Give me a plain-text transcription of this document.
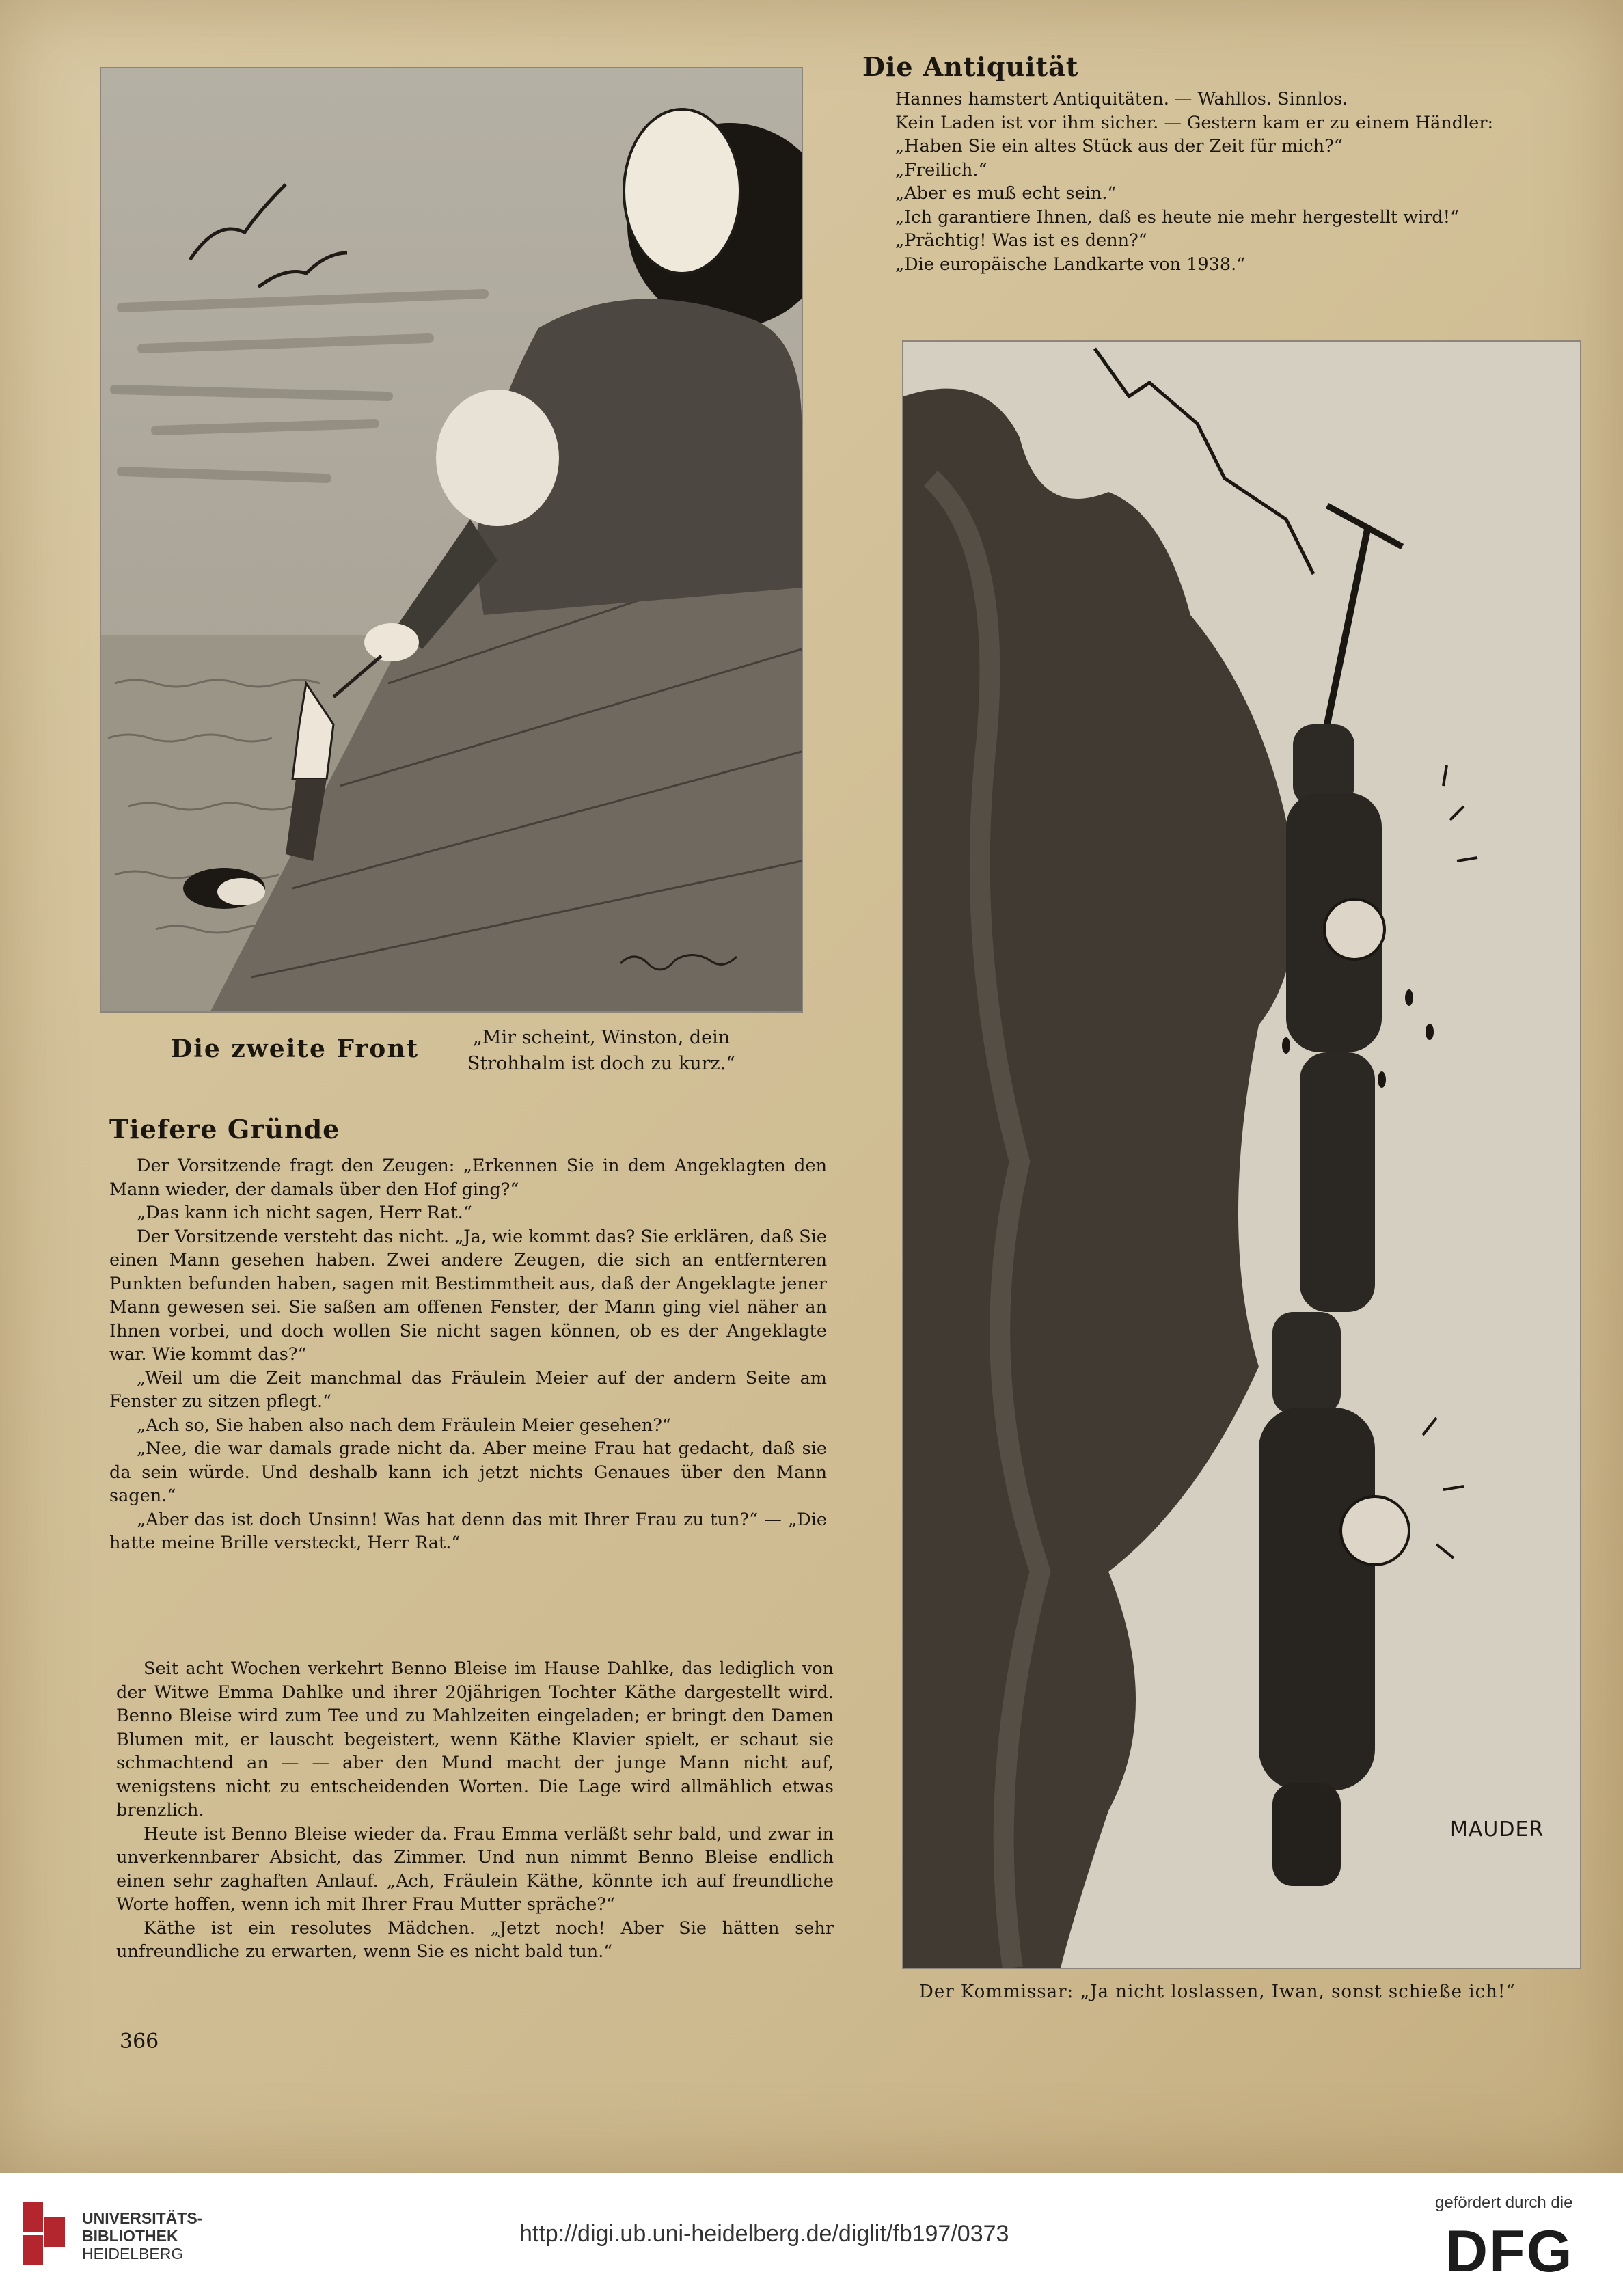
Die zweite Front	„Mir scheint, Winston, dein Strohhalm ist doch zu kurz.“
Tiefere Gründe

Der Vorsitzende fragt den Zeugen: „Erkennen Sie in dem Angeklagten den Mann wieder, der damals über den Hof ging?“

„Das kann ich nicht sagen, Herr Rat.“

Der Vorsitzende versteht das nicht. „Ja, wie kommt das? Sie erklären, daß Sie einen Mann gesehen haben. Zwei andere Zeugen, die sich an entfernteren Punkten befunden haben, sagen mit Bestimmtheit aus, daß der Angeklagte jener Mann gewesen sei. Sie saßen am offenen Fenster, der Mann ging viel näher an Ihnen vorbei, und doch wollen Sie nicht sagen können, ob es der Angeklagte war. Wie kommt das?“

„Weil um die Zeit manchmal das Fräulein Meier auf der andern Seite am Fenster zu sitzen pflegt.“

„Ach so, Sie haben also nach dem Fräulein Meier gesehen?“

„Nee, die war damals grade nicht da. Aber meine Frau hat gedacht, daß sie da sein würde. Und deshalb kann ich jetzt nichts Genaues über den Mann sagen.“

„Aber das ist doch Unsinn! Was hat denn das mit Ihrer Frau zu tun?“ — „Die hatte meine Brille versteckt, Herr Rat.“

Seit acht Wochen verkehrt Benno Bleise im Hause Dahlke, das lediglich von der Witwe Emma Dahlke und ihrer 20jährigen Tochter Käthe dargestellt wird. Benno Bleise wird zum Tee und zu Mahlzeiten eingeladen; er bringt den Damen Blumen mit, er lauscht begeistert, wenn Käthe Klavier spielt, er schaut sie schmachtend an — — aber den Mund macht der junge Mann nicht auf, wenigstens nicht zu entscheidenden Worten. Die Lage wird allmählich etwas brenzlich.

Heute ist Benno Bleise wieder da. Frau Emma verläßt sehr bald, und zwar in unverkennbarer Absicht, das Zimmer. Und nun nimmt Benno Bleise endlich einen sehr zaghaften Anlauf. „Ach, Fräulein Käthe, könnte ich auf freundliche Worte hoffen, wenn ich mit Ihrer Frau Mutter spräche?“

Käthe ist ein resolutes Mädchen. „Jetzt noch! Aber Sie hätten sehr unfreundliche zu erwarten, wenn Sie es nicht bald tun.“

366
Die Antiquität

Hannes hamstert Antiquitäten. — Wahllos. Sinnlos.

Kein Laden ist vor ihm sicher. — Gestern kam er zu einem Händler:

„Haben Sie ein altes Stück aus der Zeit für mich?“

„Freilich.“

„Aber es muß echt sein.“

„Ich garantiere Ihnen, daß es heute nie mehr hergestellt wird!“

„Prächtig! Was ist es denn?“

„Die europäische Landkarte von 1938.“

MAUDER
Der Kommissar: „Ja nicht loslassen, Iwan, sonst schieße ich!“
UNIVERSITÄTS-
BIBLIOTHEK
HEIDELBERG
http://digi.ub.uni-heidelberg.de/diglit/fb197/0373
gefördert durch die
DFG
